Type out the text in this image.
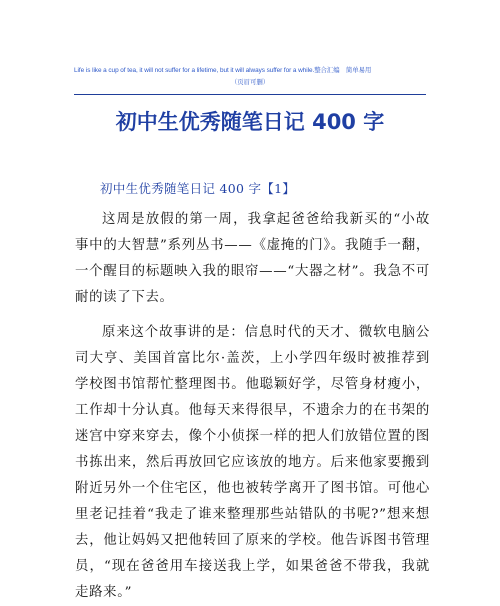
Life is like a cup of tea, it will not suffer for a lifetime, but it will always suffer for a while.整合汇编　简单易用
（页眉可删）
初中生优秀随笔日记 400 字
初中生优秀随笔日记 400 字【1】

这周是放假的第一周，我拿起爸爸给我新买的“小故事中的大智慧”系列丛书——《虚掩的门》。我随手一翻，一个醒目的标题映入我的眼帘——“大器之材”。我急不可耐的读了下去。

原来这个故事讲的是：信息时代的天才、微软电脑公司大亨、美国首富比尔·盖茨，上小学四年级时被推荐到学校图书馆帮忙整理图书。他聪颖好学，尽管身材瘦小，工作却十分认真。他每天来得很早，不遗余力的在书架的迷宫中穿来穿去，像个小侦探一样的把人们放错位置的图书拣出来，然后再放回它应该放的地方。后来他家要搬到附近另外一个住宅区，他也被转学离开了图书馆。可他心里老记挂着“我走了谁来整理那些站错队的书呢?”想来想去，他让妈妈又把他转回了原来的学校。他告诉图书管理员，“现在爸爸用车接送我上学，如果爸爸不带我，我就走路来。”
